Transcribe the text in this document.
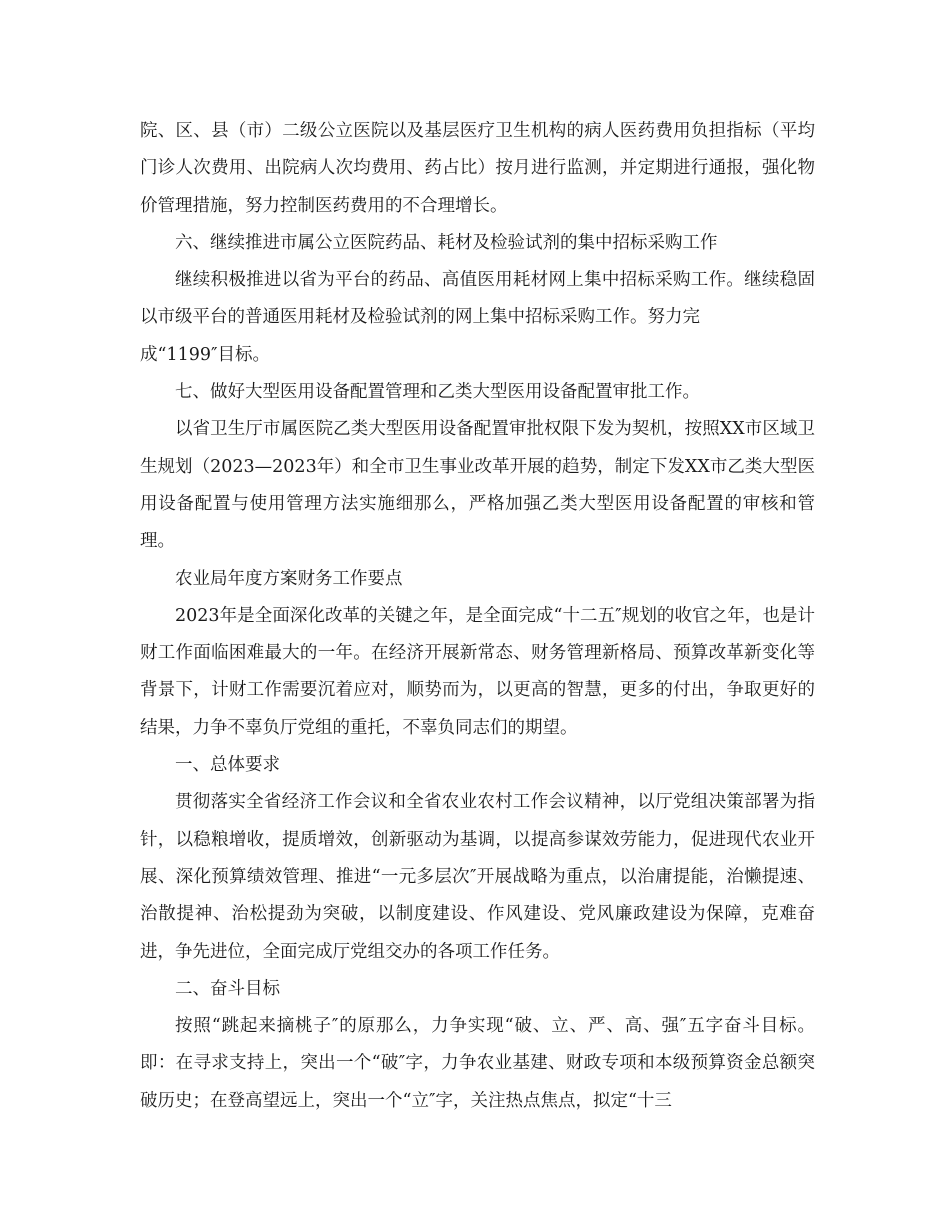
院、区、县（市）二级公立医院以及基层医疗卫生机构的病人医药费用负担指标（平均门诊人次费用、出院病人次均费用、药占比）按月进行监测，并定期进行通报，强化物价管理措施，努力控制医药费用的不合理增长。

六、继续推进市属公立医院药品、耗材及检验试剂的集中招标采购工作

继续积极推进以省为平台的药品、高值医用耗材网上集中招标采购工作。继续稳固以市级平台的普通医用耗材及检验试剂的网上集中招标采购工作。努力完

成“1199″目标。

七、做好大型医用设备配置管理和乙类大型医用设备配置审批工作。

以省卫生厅市属医院乙类大型医用设备配置审批权限下发为契机，按照XX市区域卫生规划（2023—2023年）和全市卫生事业改革开展的趋势，制定下发XX市乙类大型医用设备配置与使用管理方法实施细那么，严格加强乙类大型医用设备配置的审核和管理。

农业局年度方案财务工作要点

2023年是全面深化改革的关键之年，是全面完成“十二五″规划的收官之年，也是计财工作面临困难最大的一年。在经济开展新常态、财务管理新格局、预算改革新变化等背景下，计财工作需要沉着应对，顺势而为，以更高的智慧，更多的付出，争取更好的结果，力争不辜负厅党组的重托，不辜负同志们的期望。

一、总体要求

贯彻落实全省经济工作会议和全省农业农村工作会议精神，以厅党组决策部署为指针，以稳粮增收，提质增效，创新驱动为基调，以提高参谋效劳能力，促进现代农业开展、深化预算绩效管理、推进“一元多层次″开展战略为重点，以治庸提能，治懒提速、治散提神、治松提劲为突破，以制度建设、作风建设、党风廉政建设为保障，克难奋进，争先进位，全面完成厅党组交办的各项工作任务。

二、奋斗目标

按照“跳起来摘桃子″的原那么，力争实现“破、立、严、高、强″五字奋斗目标。即：在寻求支持上，突出一个“破″字，力争农业基建、财政专项和本级预算资金总额突破历史；在登高望远上，突出一个“立″字，关注热点焦点，拟定“十三
